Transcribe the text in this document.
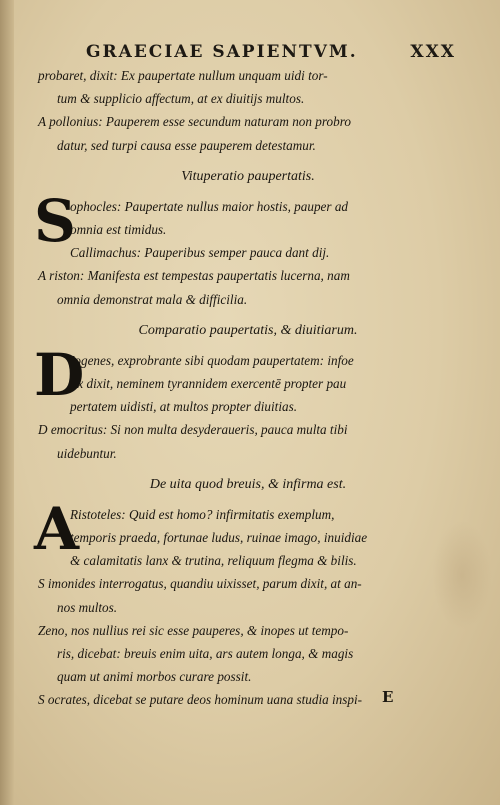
GRAECIAE SAPIENTVM.	XXX
probaret, dixit: Ex paupertate nullum unquam uidi tor-
tum & supplicio affectum, at ex diuitijs multos.
A pollonius: Pauperem esse secundum naturam non probro
datur, sed turpi causa esse pauperem detestamur.
Vituperatio paupertatis.
S
ophocles: Paupertate nullus maior hostis, pauper ad
omnia est timidus.
Callimachus: Pauperibus semper pauca dant dij.
A riston: Manifesta est tempestas paupertatis lucerna, nam
omnia demonstrat mala & difficilia.
Comparatio paupertatis, & diuitiarum.
D
Iogenes, exprobrante sibi quodam paupertatem: infoe
lix dixit, neminem tyrannidem exercentē propter pau
pertatem uidisti, at multos propter diuitias.
D emocritus: Si non multa desyderaueris, pauca multa tibi
uidebuntur.
De uita quod breuis, & infirma est.
A
Ristoteles: Quid est homo? infirmitatis exemplum,
temporis praeda, fortunae ludus, ruinae imago, inuidiae
& calamitatis lanx & trutina, reliquum flegma & bilis.
S imonides interrogatus, quandiu uixisset, parum dixit, at an-
nos multos.
Zeno, nos nullius rei sic esse pauperes, & inopes ut tempo-
ris, dicebat: breuis enim uita, ars autem longa, & magis
quam ut animi morbos curare possit.
S ocrates, dicebat se putare deos hominum uana studia inspi-	E
